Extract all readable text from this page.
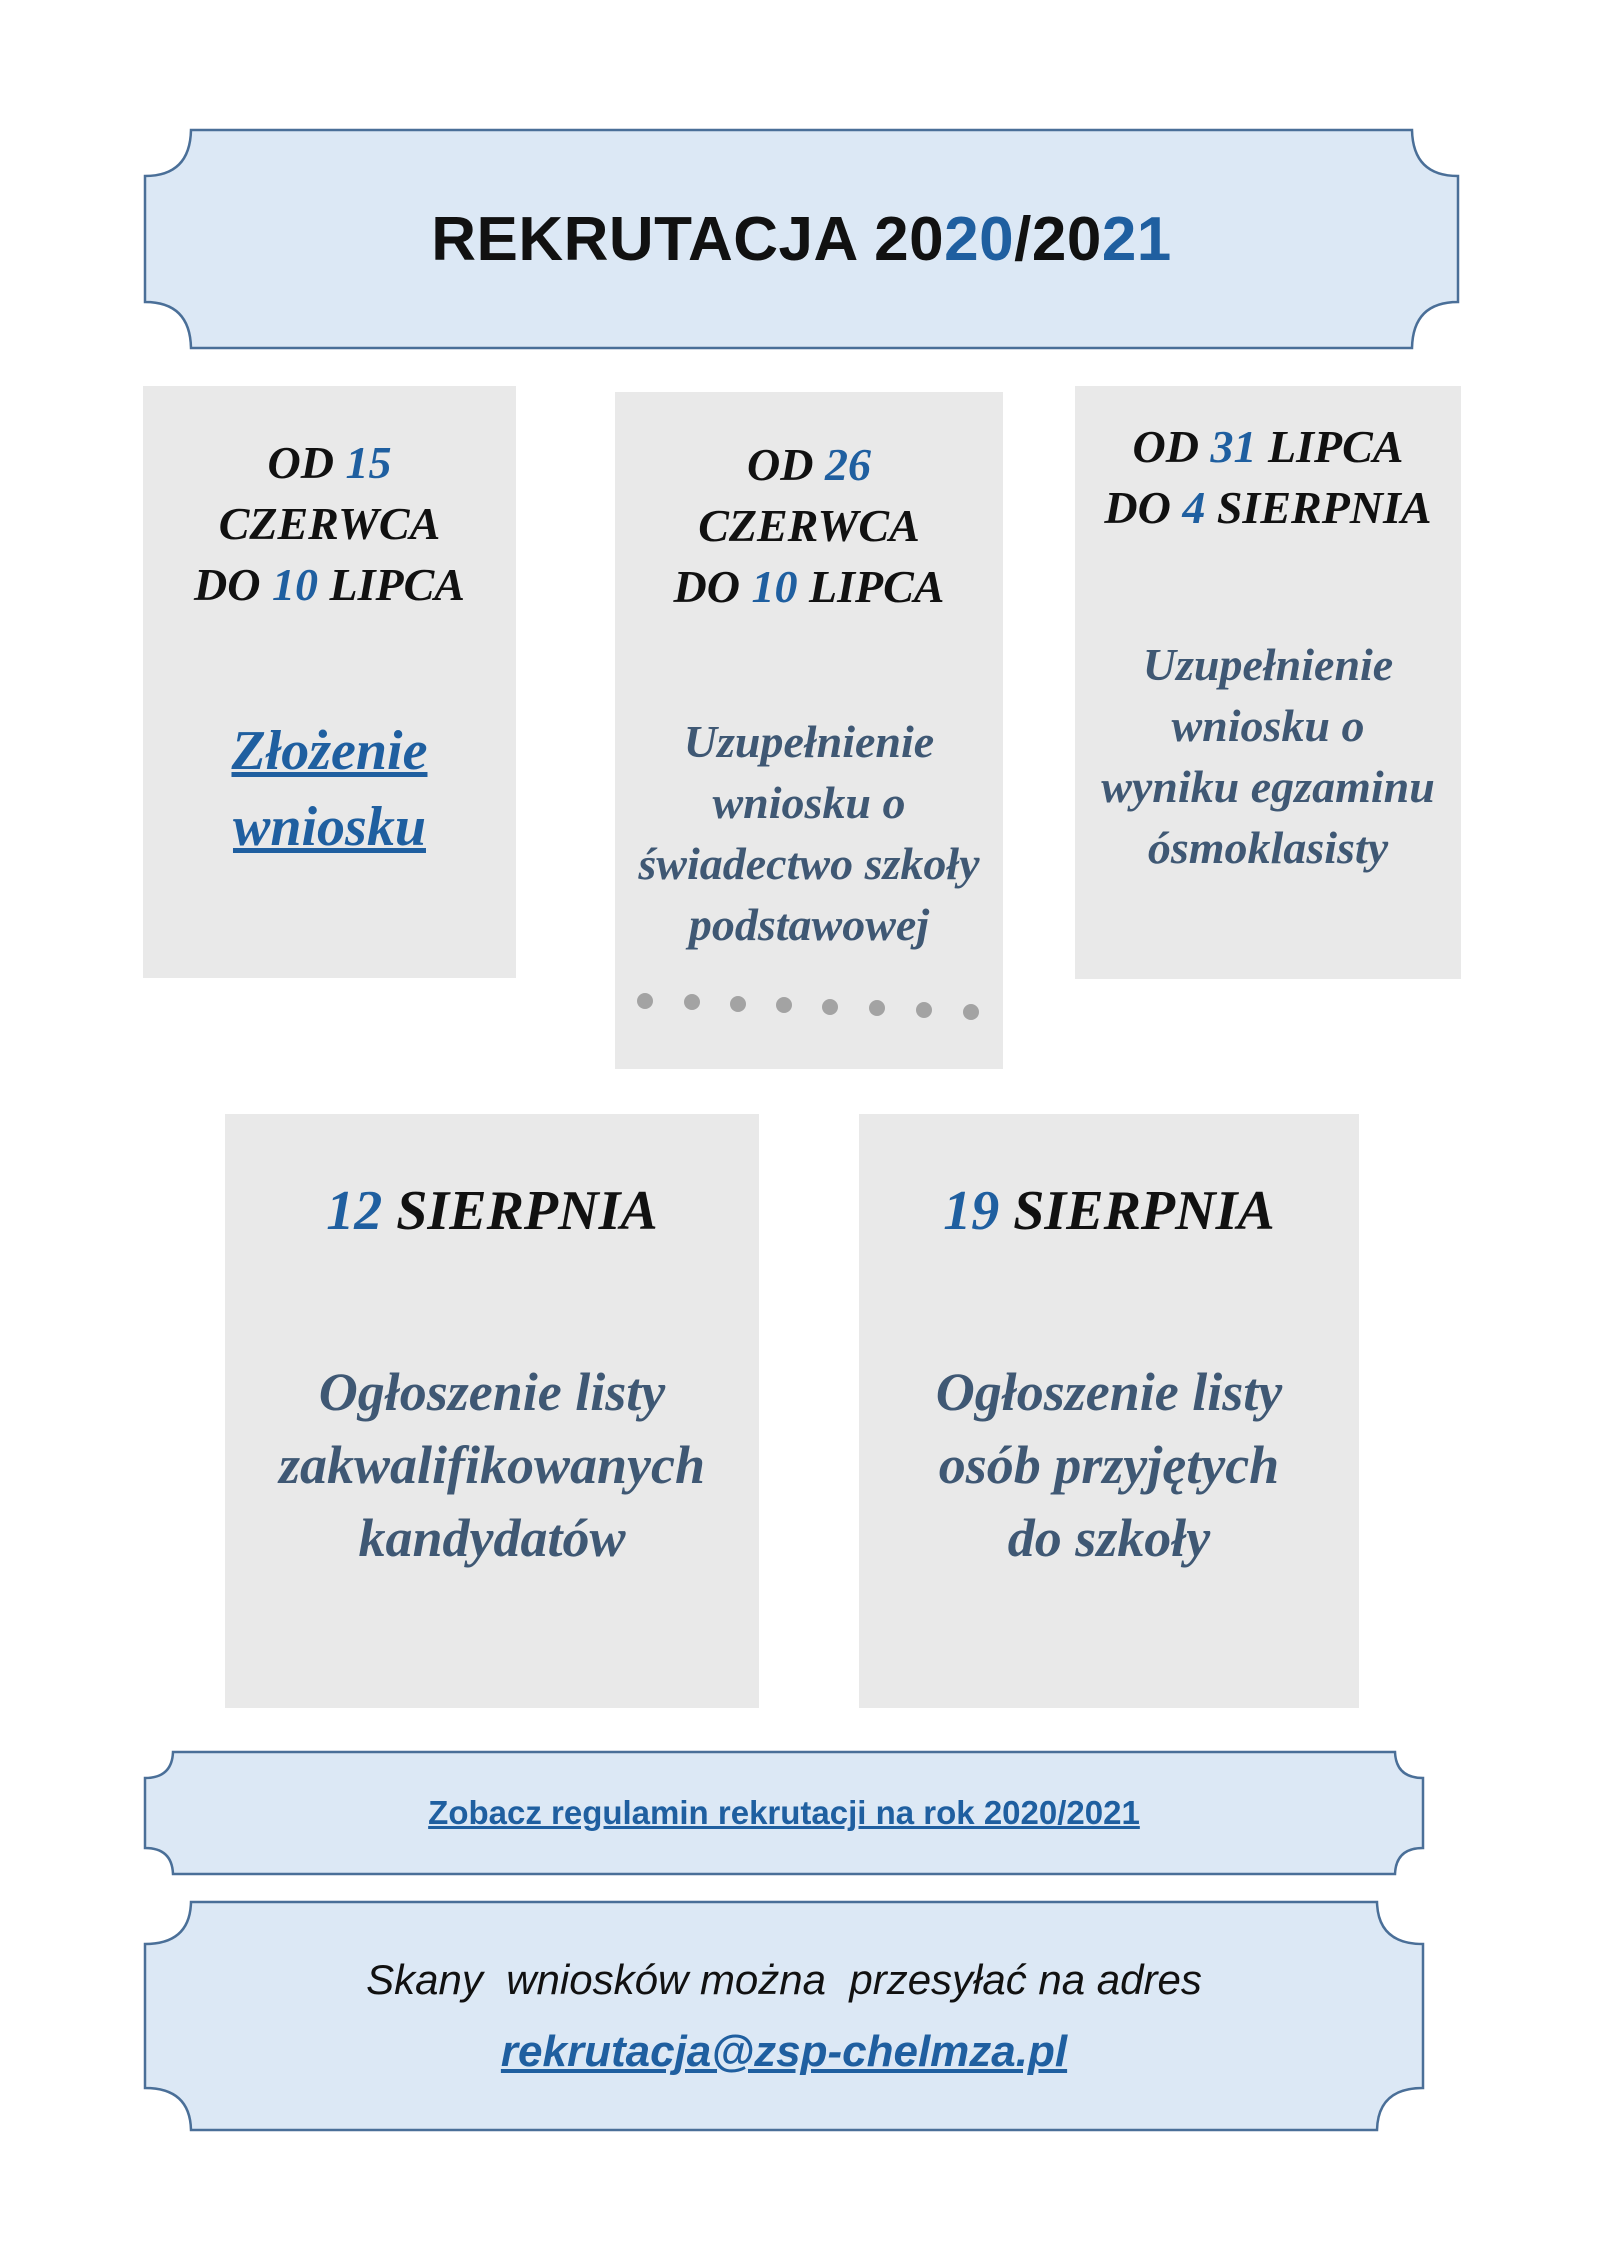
REKRUTACJA 2020/2021
OD 15
CZERWCA
DO 10 LIPCA
Złożenie
wniosku
OD 26
CZERWCA
DO 10 LIPCA
Uzupełnienie
wniosku o
świadectwo szkoły
podstawowej
OD 31 LIPCA
DO 4 SIERPNIA
Uzupełnienie
wniosku o
wyniku egzaminu
ósmoklasisty
12 SIERPNIA
Ogłoszenie listy
zakwalifikowanych
kandydatów
19 SIERPNIA
Ogłoszenie listy
osób przyjętych
do szkoły
Zobacz regulamin rekrutacji na rok 2020/2021
Skany  wniosków można  przesyłać na adres
rekrutacja@zsp-chelmza.pl
